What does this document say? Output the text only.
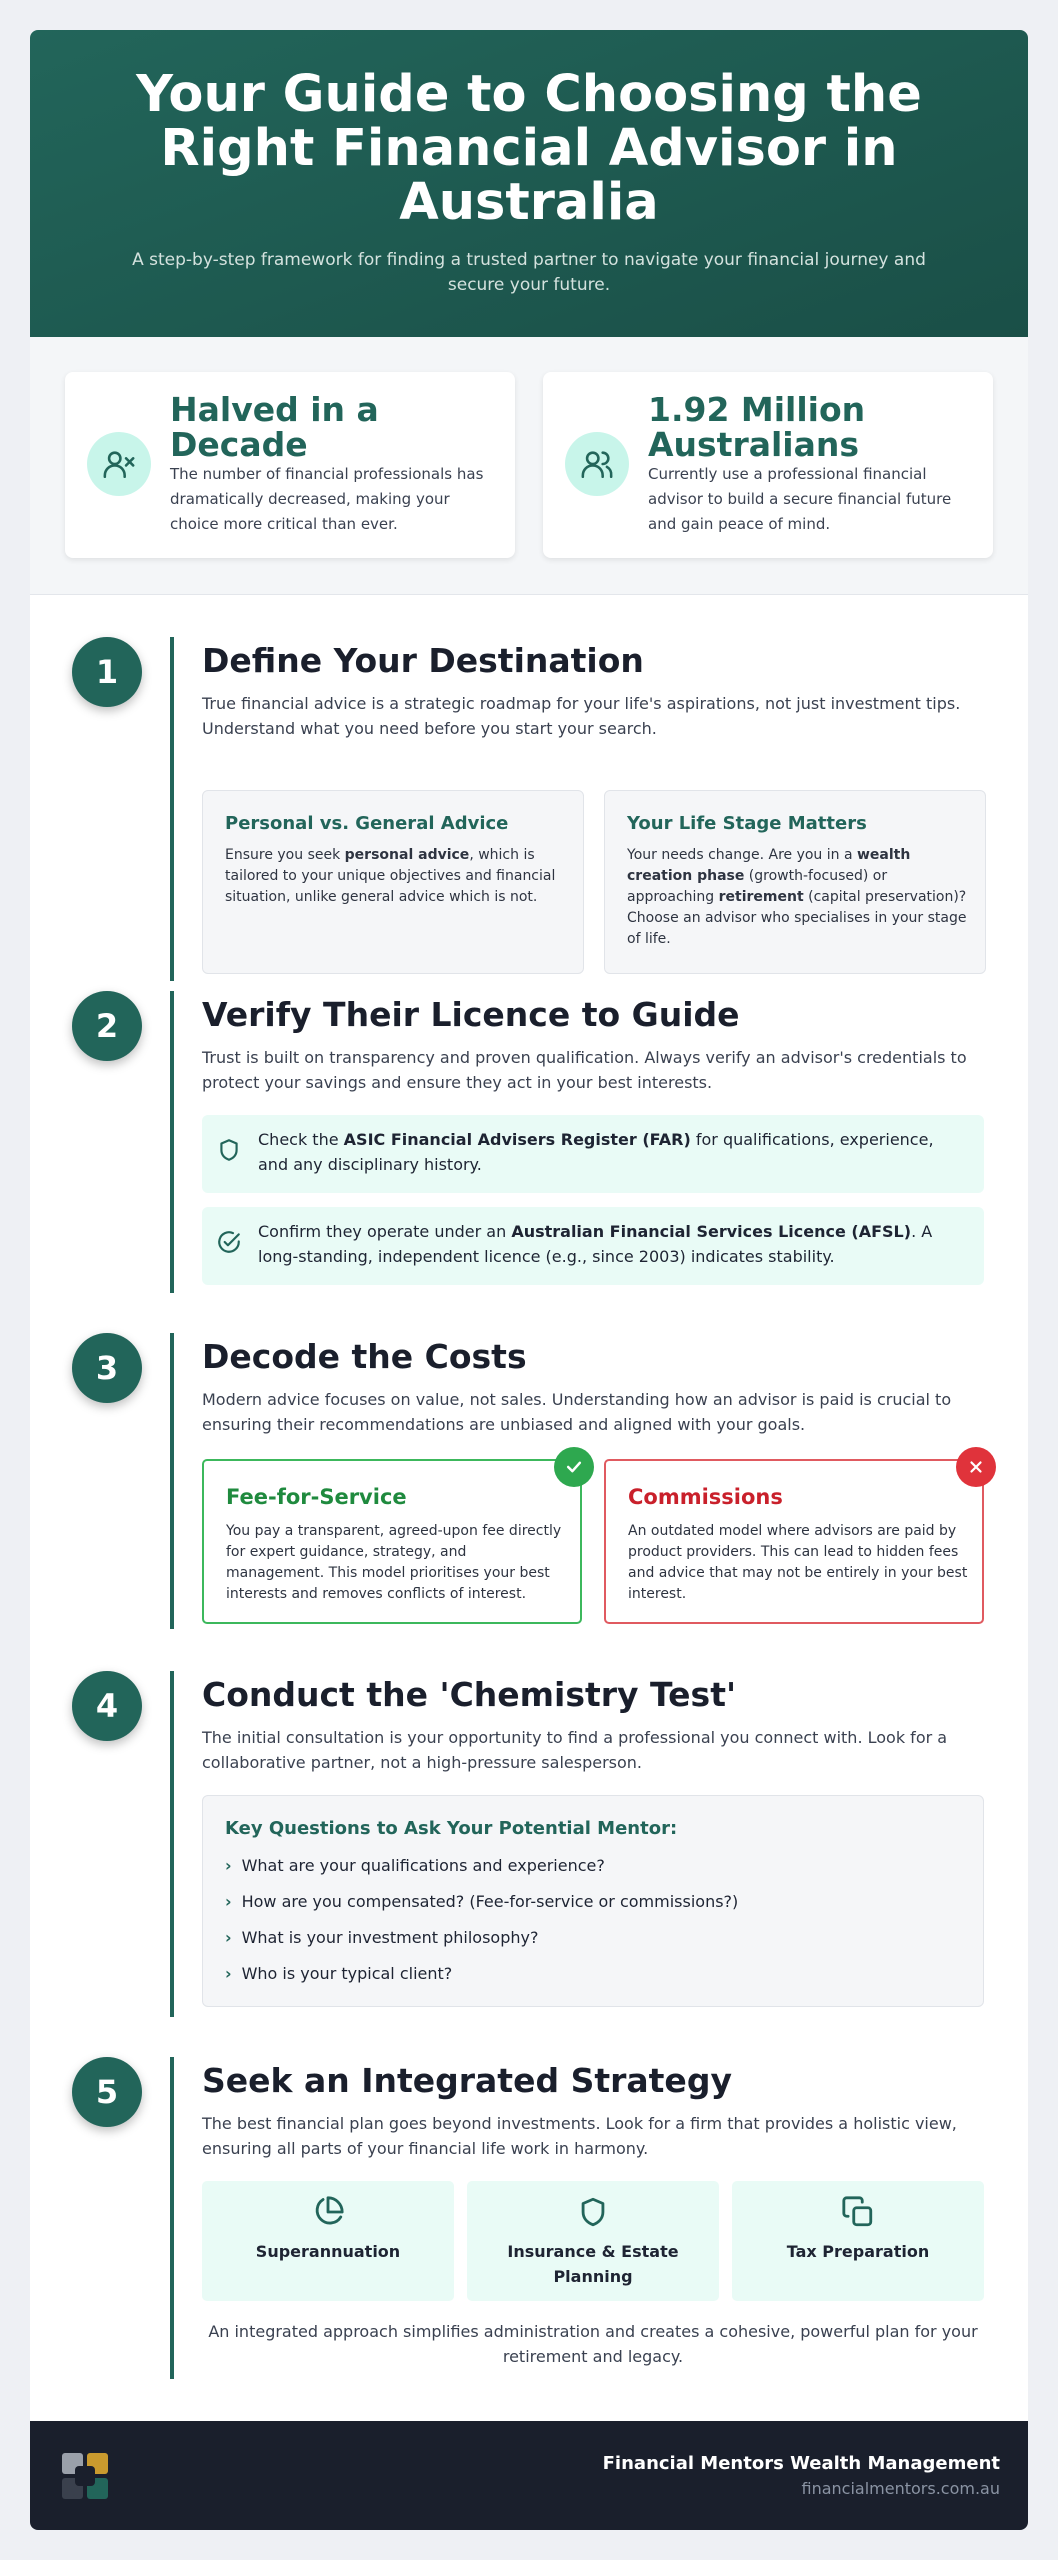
Your Guide to Choosing the Right Financial Advisor in Australia

A step-by-step framework for finding a trusted partner to navigate your financial journey and secure your future.

Halved in a Decade

The number of financial professionals has dramatically decreased, making your choice more critical than ever.

1.92 Million Australians

Currently use a professional financial advisor to build a secure financial future and gain peace of mind.

1	Define Your Destination

True financial advice is a strategic roadmap for your life's aspirations, not just investment tips. Understand what you need before you start your search.

Personal vs. General Advice

Ensure you seek personal advice, which is tailored to your unique objectives and financial situation, unlike general advice which is not.

Your Life Stage Matters

Your needs change. Are you in a wealth creation phase (growth-focused) or approaching retirement (capital preservation)? Choose an advisor who specialises in your stage of life.

2	Verify Their Licence to Guide

Trust is built on transparency and proven qualification. Always verify an advisor's credentials to protect your savings and ensure they act in your best interests.

Check the ASIC Financial Advisers Register (FAR) for qualifications, experience, and any disciplinary history.

Confirm they operate under an Australian Financial Services Licence (AFSL). A long-standing, independent licence (e.g., since 2003) indicates stability.

3	Decode the Costs

Modern advice focuses on value, not sales. Understanding how an advisor is paid is crucial to ensuring their recommendations are unbiased and aligned with your goals.

Fee-for-Service

You pay a transparent, agreed-upon fee directly for expert guidance, strategy, and management. This model prioritises your best interests and removes conflicts of interest.

Commissions

An outdated model where advisors are paid by product providers. This can lead to hidden fees and advice that may not be entirely in your best interest.

4	Conduct the 'Chemistry Test'

The initial consultation is your opportunity to find a professional you connect with. Look for a collaborative partner, not a high-pressure salesperson.

Key Questions to Ask Your Potential Mentor:
› What are your qualifications and experience?
› How are you compensated? (Fee-for-service or commissions?)
› What is your investment philosophy?
› Who is your typical client?
5	Seek an Integrated Strategy

The best financial plan goes beyond investments. Look for a firm that provides a holistic view, ensuring all parts of your financial life work in harmony.

Superannuation	Insurance & Estate Planning
Tax Preparation

An integrated approach simplifies administration and creates a cohesive, powerful plan for your retirement and legacy.

Financial Mentors Wealth Management
financialmentors.com.au
